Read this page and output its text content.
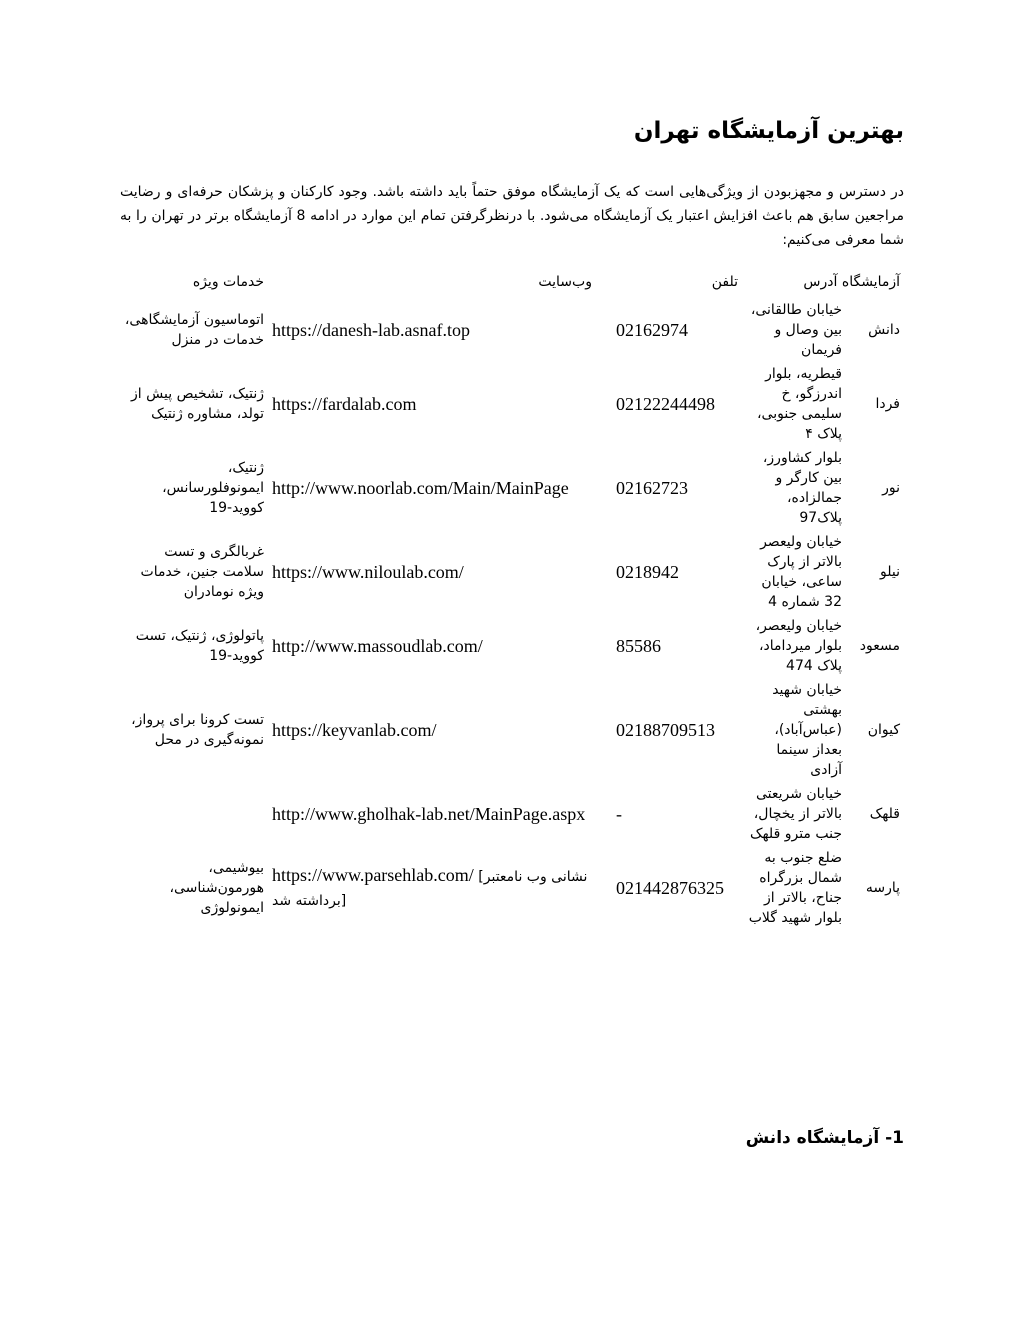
بهترین آزمایشگاه تهران

در دسترس و مجهزبودن از ویژگی‌هایی است که یک آزمایشگاه موفق حتماً باید داشته باشد. وجود کارکنان و پزشکان حرفه‌ای و رضایت مراجعین سابق هم باعث افزایش اعتبار یک آزمایشگاه می‌شود. با درنظرگرفتن تمام این موارد در ادامه 8 آزمایشگاه برتر در تهران را به شما معرفی می‌کنیم:

آزمایشگاه آدرس		تلفن	وب‌سایت	خدمات ویژه
دانش	خیابان طالقانی، بین وصال و فریمان	02162974	https://danesh-lab.asnaf.top	اتوماسیون آزمایشگاهی، خدمات در منزل
فردا	قیطریه، بلوار اندرزگو، خ سلیمی جنوبی، پلاک ۴	02122244498	https://fardalab.com	ژنتیک، تشخیص پیش از تولد، مشاوره ژنتیک
نور	بلوار کشاورز، بین کارگر و جمالزاده، پلاک97	02162723	http://www.noorlab.com/Main/MainPage	ژنتیک، ایمونوفلورسانس، کووید-19
نیلو	خیابان ولیعصر بالاتر از پارک ساعی، خیابان 32 شماره 4	0218942	https://www.niloulab.com/	غربالگری و تست سلامت جنین، خدمات ویژه نومادران
مسعود	خیابان ولیعصر، بلوار میرداماد، پلاک 474	85586	http://www.massoudlab.com/	پاتولوژی، ژنتیک، تست کووید-19
کیوان	خیابان شهید بهشتی (عباس‌آباد)، بعداز سینما آزادی	02188709513	https://keyvanlab.com/	تست کرونا برای پرواز، نمونه‌گیری در محل
قلهک	خیابان شریعتی بالاتر از یخچال، جنب مترو قلهک	-	http://www.gholhak-lab.net/MainPage.aspx	
پارسه	ضلع جنوب به شمال بزرگراه جناح، بالاتر از بلوار شهید گلاب	021442876325	https://www.parsehlab.com/ [نشانی وب نامعتبر برداشته شد]	بیوشیمی، هورمون‌شناسی، ایمونولوژی
1- آزمایشگاه دانش
